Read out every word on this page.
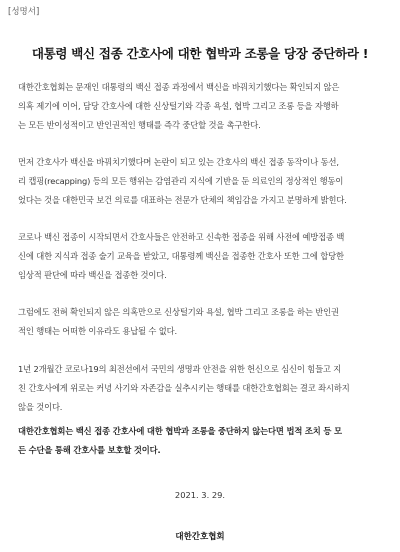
[성명서]
대통령 백신 접종 간호사에 대한 협박과 조롱을 당장 중단하라 !
대한간호협회는 문재인 대통령의 백신 접종 과정에서 백신을 바꿔치기했다는 확인되지 않은
의혹 제기에 이어, 담당 간호사에 대한 신상털기와 각종 욕설, 협박 그리고 조롱 등을 자행하
는 모든 반이성적이고 반인권적인 행태를 즉각 중단할 것을 촉구한다.
먼저 간호사가 백신을 바꿔치기했다며 논란이 되고 있는 간호사의 백신 접종 동작이나 동선,
리 캡핑(recapping) 등의 모든 행위는 감염관리 지식에 기반을 둔 의료인의 정상적인 행동이
었다는 것을 대한민국 보건 의료를 대표하는 전문가 단체의 책임감을 가지고 분명하게 밝힌다.
코로나 백신 접종이 시작되면서 간호사들은 안전하고 신속한 접종을 위해 사전에 예방접종 백
신에 대한 지식과 접종 술기 교육을 받았고, 대통령께 백신을 접종한 간호사 또한 그에 합당한
임상적 판단에 따라 백신을 접종한 것이다.
그럼에도 전혀 확인되지 않은 의혹만으로 신상털기와 욕설, 협박 그리고 조롱을 하는 반인권
적인 행태는 어떠한 이유라도 용납될 수 없다.
1년 2개월간 코로나19의 최전선에서 국민의 생명과 안전을 위한 헌신으로 심신이 힘들고 지
친 간호사에게 위로는 커녕 사기와 자존감을 실추시키는 행태를 대한간호협회는 결코 좌시하지
않을 것이다.
대한간호협회는 백신 접종 간호사에 대한 협박과 조롱을 중단하지 않는다면 법적 조치 등 모
든 수단을 통해 간호사를 보호할 것이다.
2021. 3. 29.
대한간호협회
